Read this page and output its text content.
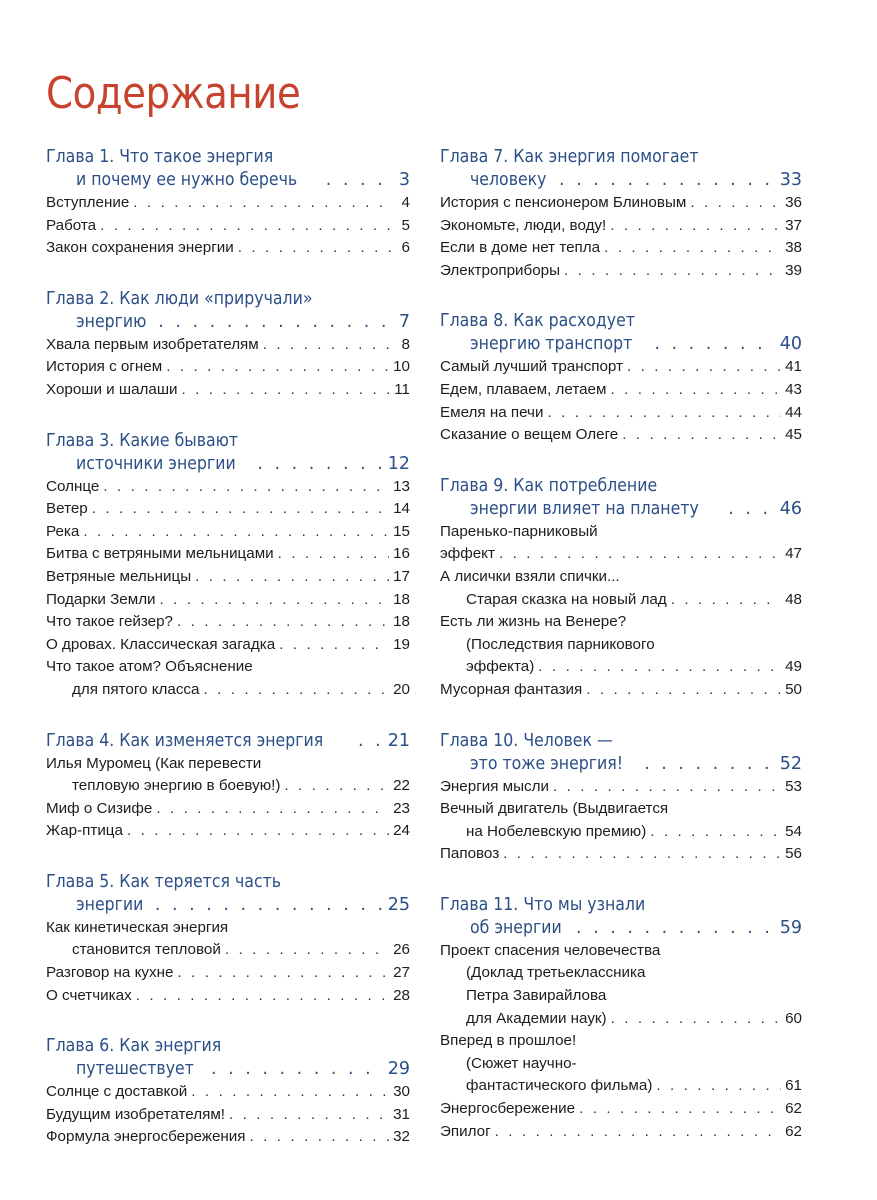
Содержание
Глава 1. Что такое энергия
и почему ее нужно беречь . . .	3
Вступление . . .	4
Работа . . .	5
Закон сохранения энергии . . .	6
Глава 2. Как люди «приручали»
энергию . . .	7
Хвала первым изобретателям . . .	8
История с огнем . . .	10
Хороши и шалаши . . .	11
Глава 3. Какие бывают
источники энергии . . .	12
Солнце . . .	13
Ветер . . .	14
Река . . .	15
Битва с ветряными мельницами . . .	16
Ветряные мельницы . . .	17
Подарки Земли . . .	18
Что такое гейзер? . . .	18
О дровах. Классическая загадка . . .	19
Что такое атом? Объяснение
для пятого класса . . .	20
Глава 4. Как изменяется энергия . . .	21
Илья Муромец (Как перевести
тепловую энергию в боевую!) . . .	22
Миф о Сизифе . . .	23
Жар-птица . . .	24
Глава 5. Как теряется часть
энергии . . .	25
Как кинетическая энергия
становится тепловой . . .	26
Разговор на кухне . . .	27
О счетчиках . . .	28
Глава 6. Как энергия
путешествует . . .	29
Солнце с доставкой . . .	30
Будущим изобретателям! . . .	31
Формула энергосбережения . . .	32
Глава 7. Как энергия помогает
человеку . . .	33
История с пенсионером Блиновым . . .	36
Экономьте, люди, воду! . . .	37
Если в доме нет тепла . . .	38
Электроприборы . . .	39
Глава 8. Как расходует
энергию транспорт . . .	40
Самый лучший транспорт . . .	41
Едем, плаваем, летаем . . .	43
Емеля на печи . . .	44
Сказание о вещем Олеге . . .	45
Глава 9. Как потребление
энергии влияет на планету . . .	46
Паренько-парниковый
эффект . . .	47
А лисички взяли спички...
Старая сказка на новый лад . . .	48
Есть ли жизнь на Венере?
(Последствия парникового
эффекта) . . .	49
Мусорная фантазия . . .	50
Глава 10. Человек —
это тоже энергия! . . .	52
Энергия мысли . . .	53
Вечный двигатель (Выдвигается
на Нобелевскую премию) . . .	54
Паповоз . . .	56
Глава 11. Что мы узнали
об энергии . . .	59
Проект спасения человечества
(Доклад третьеклассника
Петра Завирайлова
для Академии наук) . . .	60
Вперед в прошлое!
(Сюжет научно-
фантастического фильма) . . .	61
Энергосбережение . . .	62
Эпилог . . .	62
